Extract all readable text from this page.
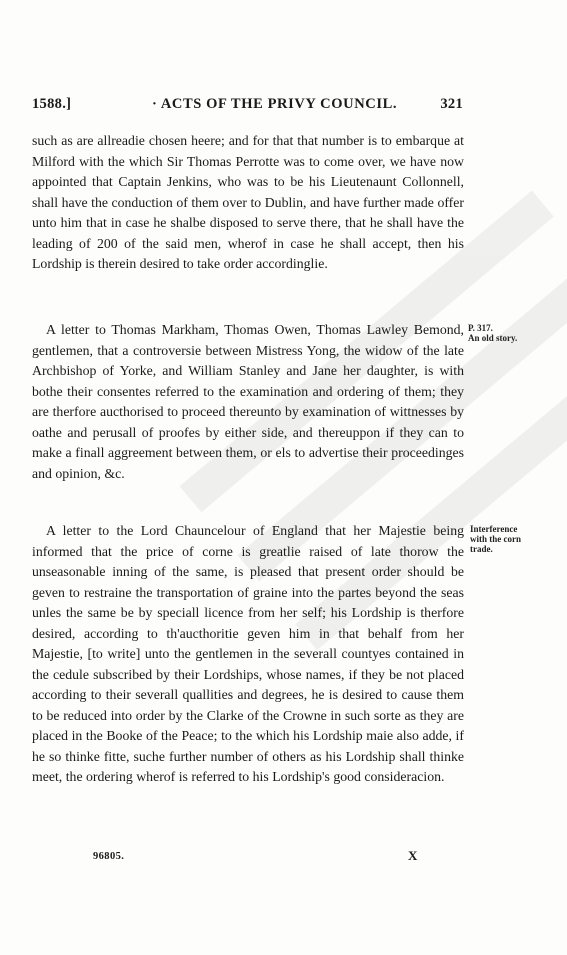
1588.]	· ACTS OF THE PRIVY COUNCIL.	321

such as are allreadie chosen heere; and for that that number is to embarque at Milford with the which Sir Thomas Perrotte was to come over, we have now appointed that Captain Jenkins, who was to be his Lieutenaunt Collonnell, shall have the conduction of them over to Dublin, and have further made offer unto him that in case he shalbe disposed to serve there, that he shall have the leading of 200 of the said men, wherof in case he shall accept, then his Lordship is therein desired to take order accordinglie.

P. 317.
An old story.

A letter to Thomas Markham, Thomas Owen, Thomas Lawley Bemond, gentlemen, that a controversie between Mistress Yong, the widow of the late Archbishop of Yorke, and William Stanley and Jane her daughter, is with bothe their consentes referred to the examination and ordering of them; they are therfore aucthorised to proceed thereunto by examination of wittnesses by oathe and perusall of proofes by either side, and thereuppon if they can to make a finall aggreement between them, or els to advertise their proceedinges and opinion, &c.

Interference
with the corn
trade.

A letter to the Lord Chauncelour of England that her Majestie being informed that the price of corne is greatlie raised of late thorow the unseasonable inning of the same, is pleased that present order should be geven to restraine the transportation of graine into the partes beyond the seas unles the same be by speciall licence from her self; his Lordship is therfore desired, according to th'aucthoritie geven him in that behalf from her Majestie, [to write] unto the gentlemen in the severall countyes contained in the cedule subscribed by their Lordships, whose names, if they be not placed according to their severall quallities and degrees, he is desired to cause them to be reduced into order by the Clarke of the Crowne in such sorte as they are placed in the Booke of the Peace; to the which his Lordship maie also adde, if he so thinke fitte, suche further number of others as his Lordship shall thinke meet, the ordering wherof is referred to his Lordship's good consideracion.

96805.	X
